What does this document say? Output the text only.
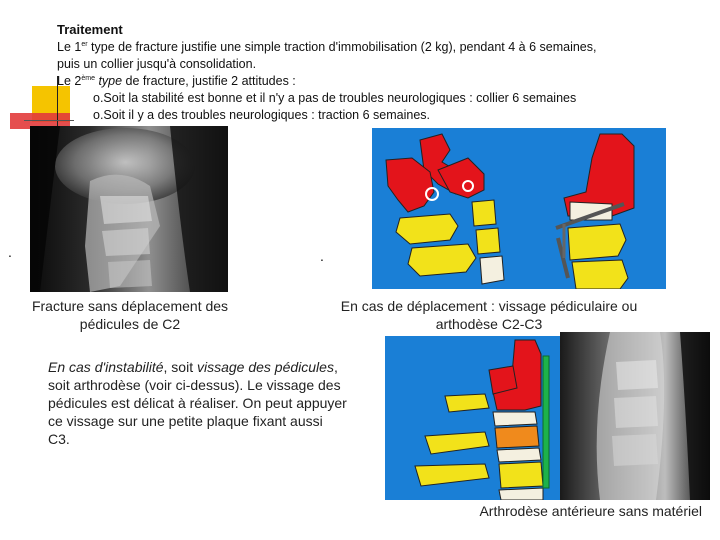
Traitement
Le 1er type de fracture justifie une simple traction d'immobilisation (2 kg), pendant 4 à 6 semaines, puis un collier jusqu'à consolidation.
Le 2ème type de fracture, justifie 2 attitudes :
o.Soit la stabilité est bonne et il n'y a pas de troubles neurologiques : collier 6 semaines
o.Soit il y a des troubles neurologiques : traction 6 semaines.
.	.
Fracture sans déplacement des pédicules de C2
En cas de déplacement : vissage pédiculaire ou arthodèse C2-C3
En cas d'instabilité, soit vissage des pédicules, soit arthrodèse (voir ci-dessus). Le vissage des pédicules est délicat à réaliser. On peut appuyer ce vissage sur une petite plaque fixant aussi C3.
Arthrodèse antérieure sans matériel
